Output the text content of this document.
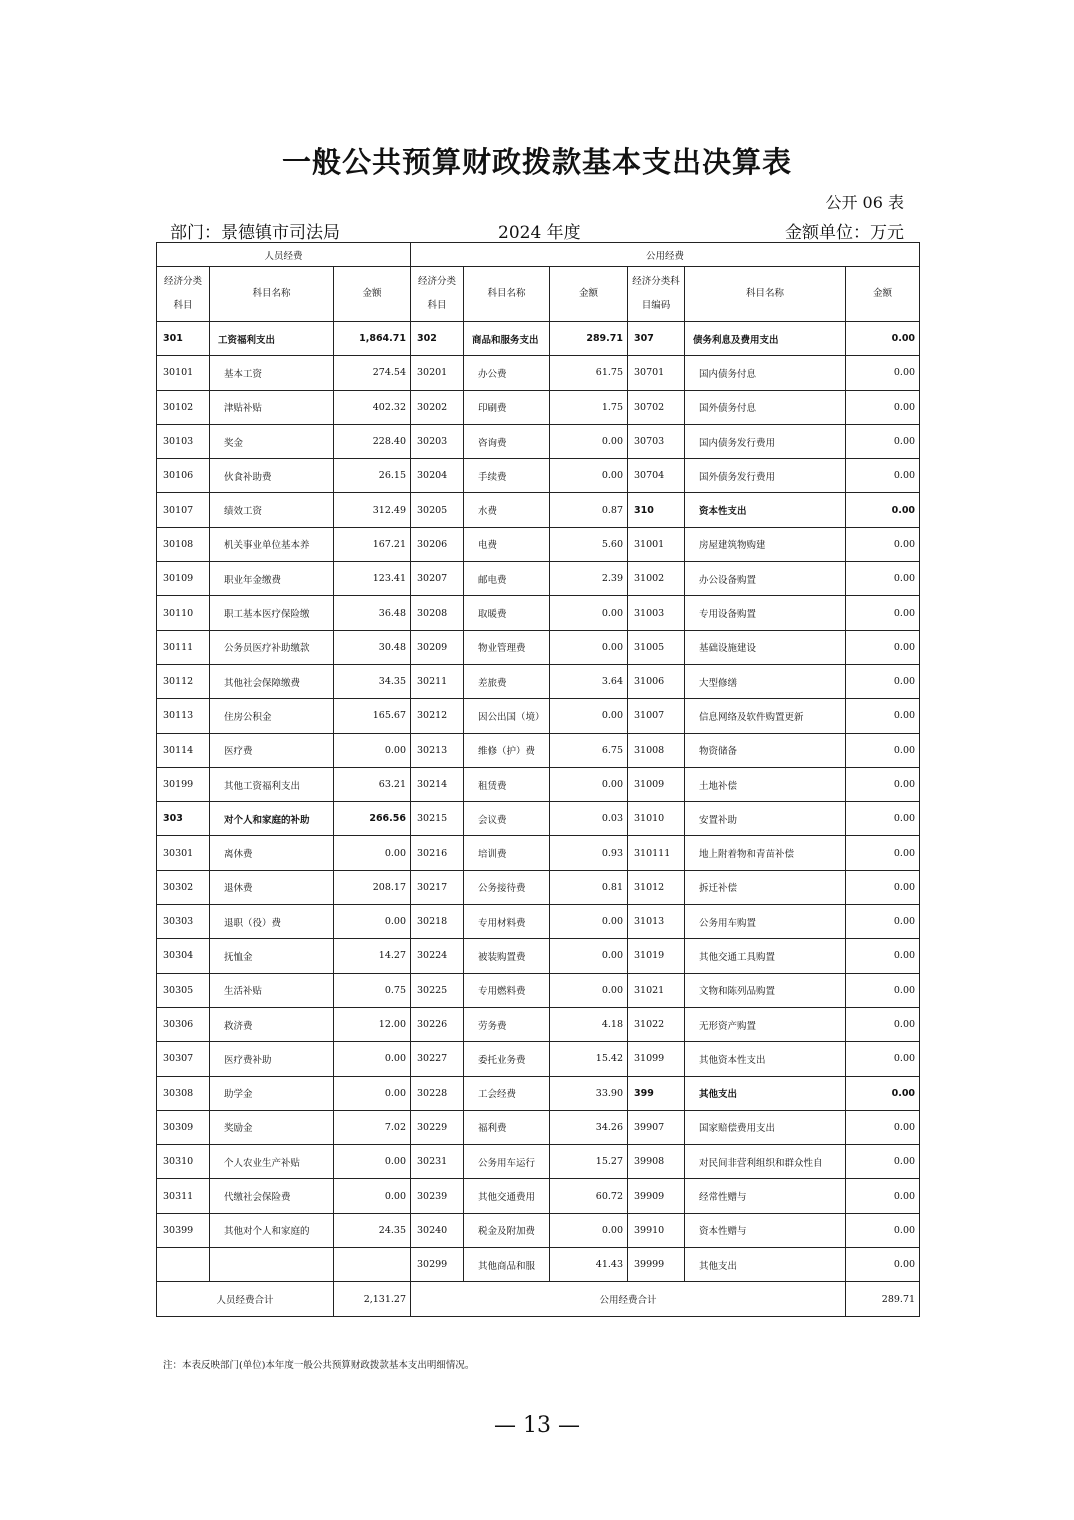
一般公共预算财政拨款基本支出决算表
公开 06 表
部门：景德镇市司法局	2024 年度	金额单位：万元
人员经费			公用经费					
经济分类科目	科目名称	金额	经济分类科目	科目名称	金额	经济分类科目编码	科目名称	金额
301	工资福利支出	1,864.71	302	商品和服务支出	289.71	307	债务利息及费用支出	0.00
30101	基本工资	274.54	30201	办公费	61.75	30701	国内债务付息	0.00
30102	津贴补贴	402.32	30202	印刷费	1.75	30702	国外债务付息	0.00
30103	奖金	228.40	30203	咨询费	0.00	30703	国内债务发行费用	0.00
30106	伙食补助费	26.15	30204	手续费	0.00	30704	国外债务发行费用	0.00
30107	绩效工资	312.49	30205	水费	0.87	310	资本性支出	0.00
30108	机关事业单位基本养	167.21	30206	电费	5.60	31001	房屋建筑物购建	0.00
30109	职业年金缴费	123.41	30207	邮电费	2.39	31002	办公设备购置	0.00
30110	职工基本医疗保险缴	36.48	30208	取暖费	0.00	31003	专用设备购置	0.00
30111	公务员医疗补助缴款	30.48	30209	物业管理费	0.00	31005	基础设施建设	0.00
30112	其他社会保障缴费	34.35	30211	差旅费	3.64	31006	大型修缮	0.00
30113	住房公积金	165.67	30212	因公出国（境）	0.00	31007	信息网络及软件购置更新	0.00
30114	医疗费	0.00	30213	维修（护）费	6.75	31008	物资储备	0.00
30199	其他工资福利支出	63.21	30214	租赁费	0.00	31009	土地补偿	0.00
303	对个人和家庭的补助	266.56	30215	会议费	0.03	31010	安置补助	0.00
30301	离休费	0.00	30216	培训费	0.93	310111	地上附着物和青苗补偿	0.00
30302	退休费	208.17	30217	公务接待费	0.81	31012	拆迁补偿	0.00
30303	退职（役）费	0.00	30218	专用材料费	0.00	31013	公务用车购置	0.00
30304	抚恤金	14.27	30224	被装购置费	0.00	31019	其他交通工具购置	0.00
30305	生活补贴	0.75	30225	专用燃料费	0.00	31021	文物和陈列品购置	0.00
30306	救济费	12.00	30226	劳务费	4.18	31022	无形资产购置	0.00
30307	医疗费补助	0.00	30227	委托业务费	15.42	31099	其他资本性支出	0.00
30308	助学金	0.00	30228	工会经费	33.90	399	其他支出	0.00
30309	奖励金	7.02	30229	福利费	34.26	39907	国家赔偿费用支出	0.00
30310	个人农业生产补贴	0.00	30231	公务用车运行	15.27	39908	对民间非营利组织和群众性自	0.00
30311	代缴社会保险费	0.00	30239	其他交通费用	60.72	39909	经常性赠与	0.00
30399	其他对个人和家庭的	24.35	30240	税金及附加费	0.00	39910	资本性赠与	0.00
			30299	其他商品和服	41.43	39999	其他支出	0.00
人员经费合计		2,131.27	公用经费合计					289.71
注：本表反映部门(单位)本年度一般公共预算财政拨款基本支出明细情况。
— 13 —
